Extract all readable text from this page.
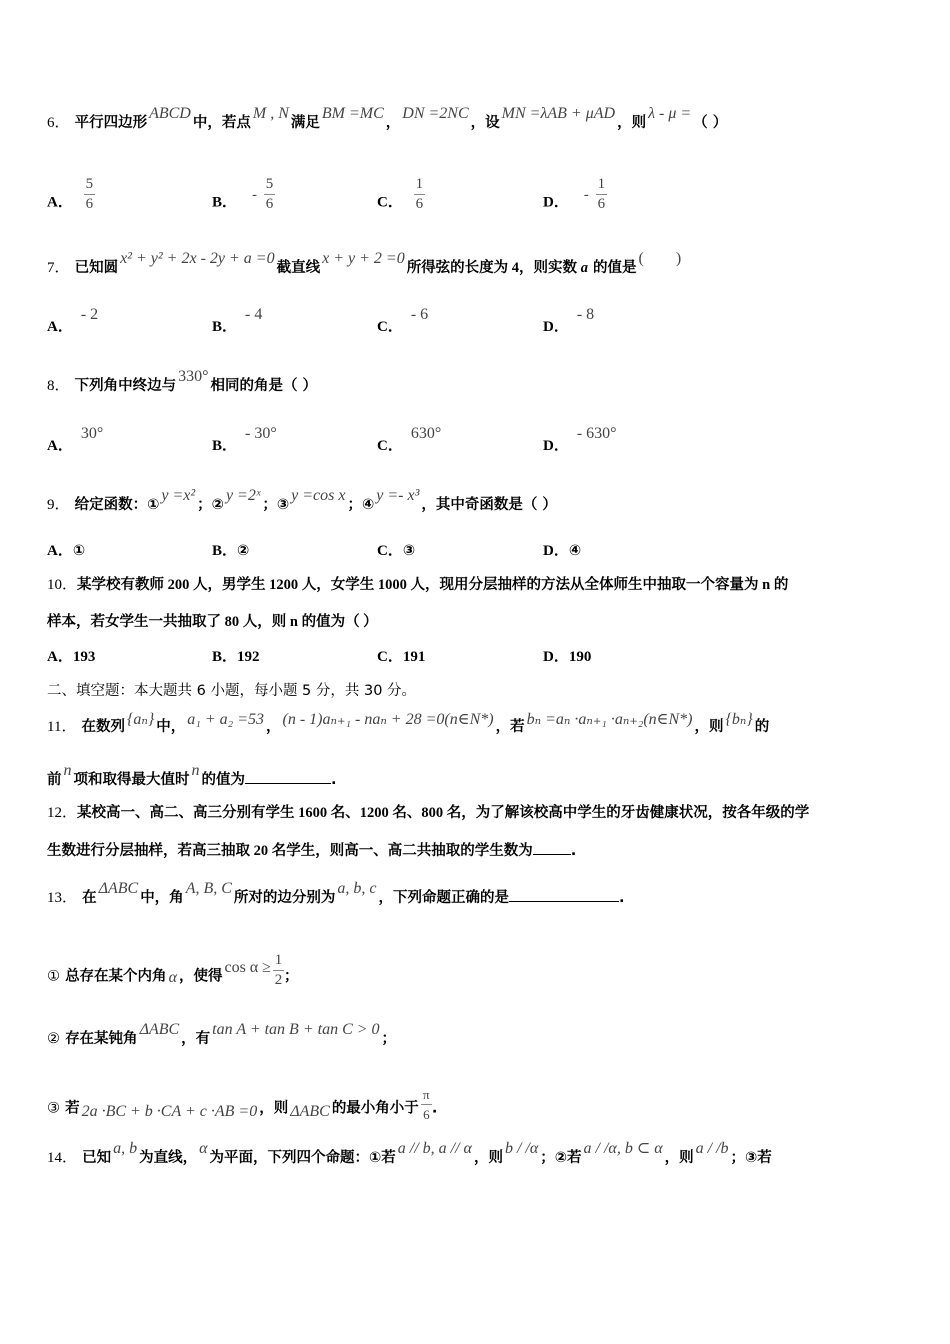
6． 平行四边形ABCD中，若点M , N满足BM =MC，DN =2NC，设MN =λAB + μAD，则λ - μ =（ ）
A． $\frac{5}{6}$	B． - $\frac{5}{6}$	C． $\frac{1}{6}$	D． - $\frac{1}{6}$
7． 已知圆x² + y² + 2x - 2y + a =0截直线x + y + 2 =0所得弦的长度为 4，则实数 a 的值是(        )
A．- 2
B．- 4
C．- 6
D．- 8
8． 下列角中终边与330°相同的角是（ ）
A．30°
B．- 30°
C．630°
D．- 630°
9． 给定函数：①y =x²；②y =2ˣ；③y =cos x；④y =- x³，其中奇函数是（ ）
A．①	B．②	C．③	D．④
10．某学校有教师 200 人，男学生 1200 人，女学生 1000 人，现用分层抽样的方法从全体师生中抽取一个容量为 n 的
样本，若女学生一共抽取了 80 人，则 n 的值为（ ）
A．193	B．192	C．191	D．190
二、填空题：本大题共 6 小题，每小题 5 分，共 30 分。
11． 在数列 {aₙ} 中， a₁ + a₂ =53 ， (n - 1)aₙ₊₁ - naₙ + 28 =0(n∈N*) ，若 bₙ =aₙ ·aₙ₊₁ ·aₙ₊₂(n∈N*) ，则 {bₙ} 的
前n项和取得最大值时n的值为	.
12．某校高一、高二、高三分别有学生 1600 名、1200 名、800 名，为了解该校高中学生的牙齿健康状况，按各年级的学
生数进行分层抽样，若高三抽取 20 名学生，则高一、高二共抽取的学生数为	.
13． 在ΔABC中，角A, B, C所对的边分别为a, b, c，下列命题正确的是	.
① 总存在某个内角 α ，使得$\cos \alpha \ge \frac{1}{2}$ ；
② 存在某钝角ΔABC，有tan A + tan B + tan C > 0；
③ 若 2a ·BC + b ·CA + c ·AB =0 ，则 ΔABC 的最小角小于 $\frac{\pi}{6}$ .
14． 已知a, b为直线，α为平面，下列四个命题：①若a // b, a // α，则b / /α；②若a / /α, b ⊂ α，则a / /b；③若
